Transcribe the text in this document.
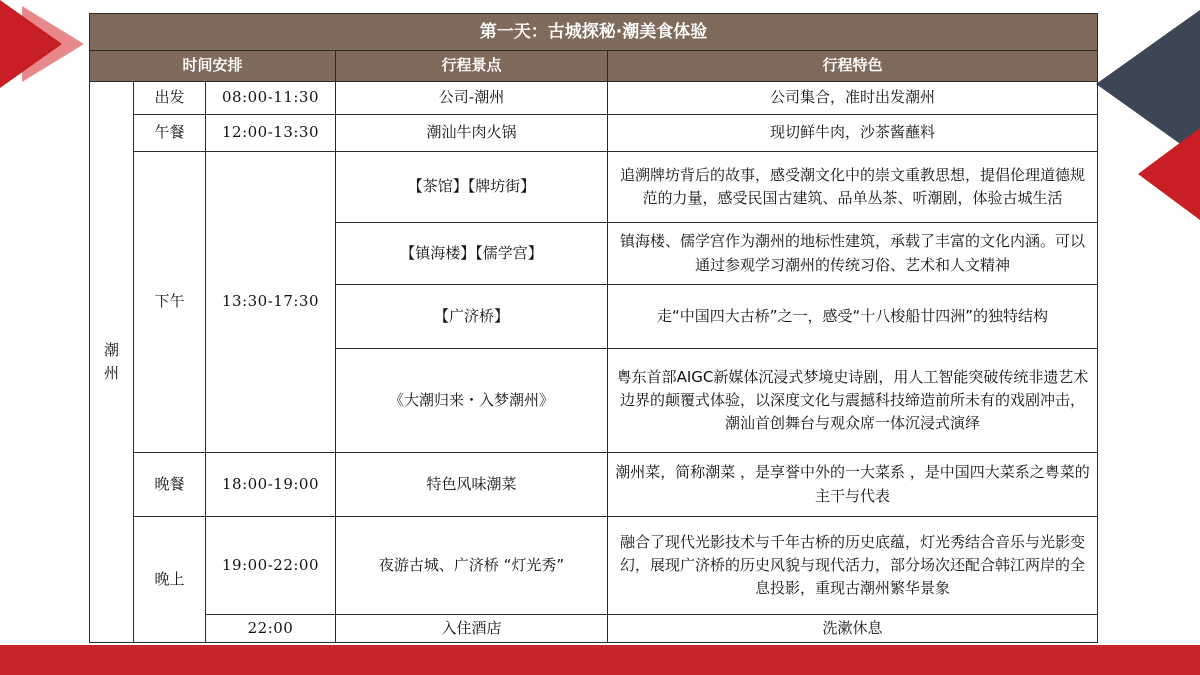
第一天：古城探秘·潮美食体验				
时间安排			行程景点	行程特色
潮州	出发	08:00-11:30	公司-潮州	公司集合，准时出发潮州
	午餐	12:00-13:30	潮汕牛肉火锅	现切鲜牛肉，沙茶酱蘸料
	下午	13:30-17:30	【茶馆】【牌坊街】	追溯牌坊背后的故事，感受潮文化中的崇文重教思想，提倡伦理道德规范的力量，感受民国古建筑、品单丛茶、听潮剧，体验古城生活
			【镇海楼】【儒学宫】	镇海楼、儒学宫作为潮州的地标性建筑，承载了丰富的文化内涵。可以通过参观学习潮州的传统习俗、艺术和人文精神
			【广济桥】	走“中国四大古桥”之一，感受“十八梭船廿四洲”的独特结构
			《大潮归来・入梦潮州》	粤东首部AIGC新媒体沉浸式梦境史诗剧，用人工智能突破传统非遗艺术边界的颠覆式体验，以深度文化与震撼科技缔造前所未有的戏剧冲击，潮汕首创舞台与观众席一体沉浸式演绎
	晚餐	18:00-19:00	特色风味潮菜	潮州菜，简称潮菜 ，是享誉中外的一大菜系 ，是中国四大菜系之粤菜的主干与代表
	晚上	19:00-22:00	夜游古城、广济桥 “灯光秀”	融合了现代光影技术与千年古桥的历史底蕴，灯光秀结合音乐与光影变幻，展现广济桥的历史风貌与现代活力，部分场次还配合韩江两岸的全息投影，重现古潮州繁华景象
		22:00	入住酒店	洗漱休息
